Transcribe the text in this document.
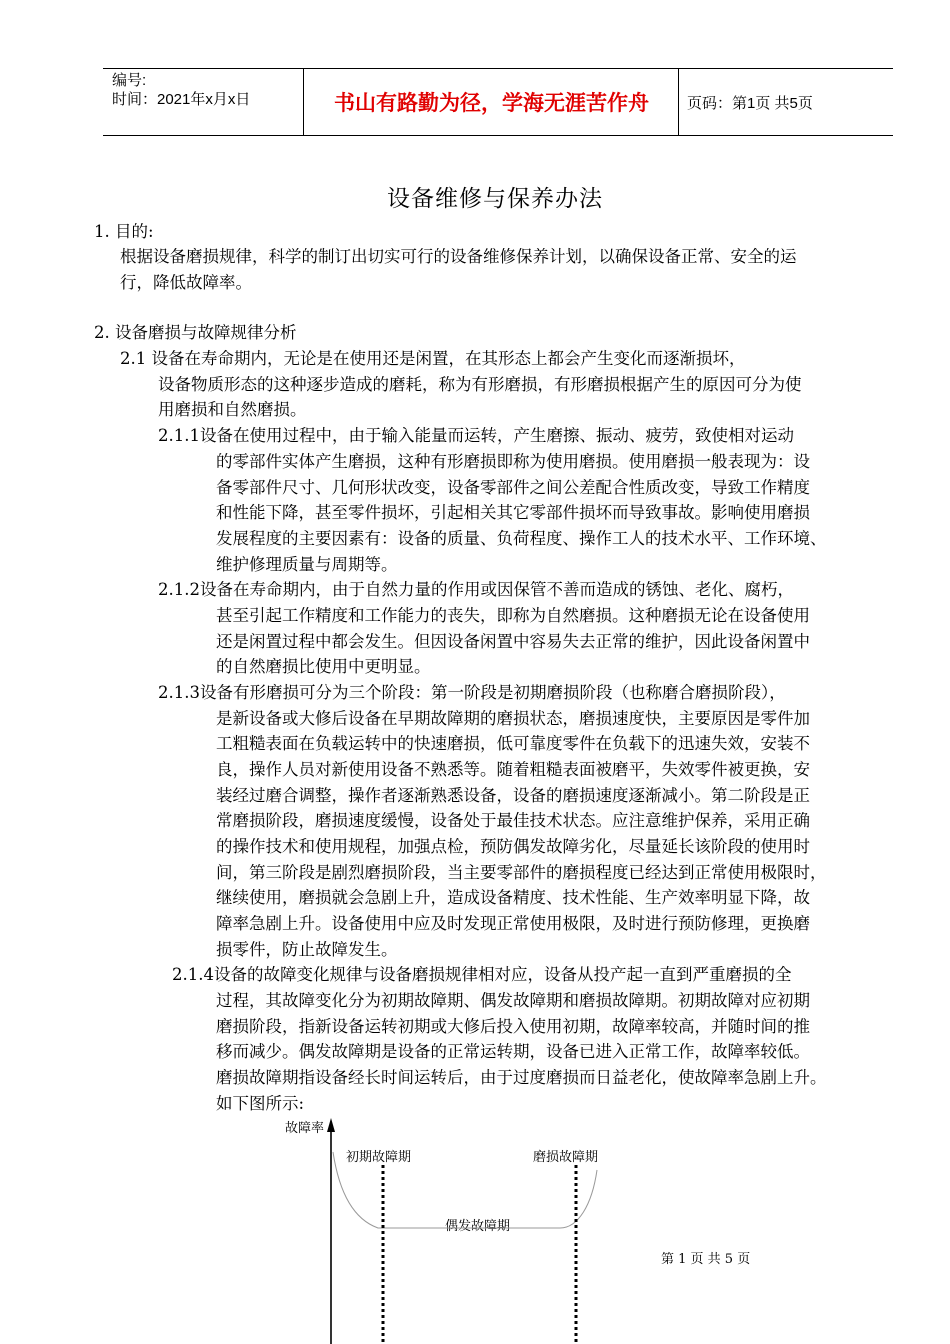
编号:
时间：2021年x月x日	书山有路勤为径，学海无涯苦作舟	页码：第1页 共5页
设备维修与保养办法
1. 目的:
根据设备磨损规律，科学的制订出切实可行的设备维修保养计划，以确保设备正常、安全的运
行，降低故障率。
2. 设备磨损与故障规律分析
2.1 设备在寿命期内，无论是在使用还是闲置，在其形态上都会产生变化而逐渐损坏，
设备物质形态的这种逐步造成的磨耗，称为有形磨损，有形磨损根据产生的原因可分为使
用磨损和自然磨损。
2.1.1设备在使用过程中，由于输入能量而运转，产生磨擦、振动、疲劳，致使相对运动
的零部件实体产生磨损，这种有形磨损即称为使用磨损。使用磨损一般表现为：设
备零部件尺寸、几何形状改变，设备零部件之间公差配合性质改变，导致工作精度
和性能下降，甚至零件损坏，引起相关其它零部件损坏而导致事故。影响使用磨损
发展程度的主要因素有：设备的质量、负荷程度、操作工人的技术水平、工作环境、
维护修理质量与周期等。
2.1.2设备在寿命期内，由于自然力量的作用或因保管不善而造成的锈蚀、老化、腐朽，
甚至引起工作精度和工作能力的丧失，即称为自然磨损。这种磨损无论在设备使用
还是闲置过程中都会发生。但因设备闲置中容易失去正常的维护，因此设备闲置中
的自然磨损比使用中更明显。
2.1.3设备有形磨损可分为三个阶段：第一阶段是初期磨损阶段（也称磨合磨损阶段），
是新设备或大修后设备在早期故障期的磨损状态，磨损速度快，主要原因是零件加
工粗糙表面在负载运转中的快速磨损，低可靠度零件在负载下的迅速失效，安装不
良，操作人员对新使用设备不熟悉等。随着粗糙表面被磨平，失效零件被更换，安
装经过磨合调整，操作者逐渐熟悉设备，设备的磨损速度逐渐减小。第二阶段是正
常磨损阶段，磨损速度缓慢，设备处于最佳技术状态。应注意维护保养，采用正确
的操作技术和使用规程，加强点检，预防偶发故障劣化，尽量延长该阶段的使用时
间，第三阶段是剧烈磨损阶段，当主要零部件的磨损程度已经达到正常使用极限时，
继续使用，磨损就会急剧上升，造成设备精度、技术性能、生产效率明显下降，故
障率急剧上升。设备使用中应及时发现正常使用极限，及时进行预防修理，更换磨
损零件，防止故障发生。
2.1.4设备的故障变化规律与设备磨损规律相对应，设备从投产起一直到严重磨损的全
过程，其故障变化分为初期故障期、偶发故障期和磨损故障期。初期故障对应初期
磨损阶段，指新设备运转初期或大修后投入使用初期，故障率较高，并随时间的推
移而减少。偶发故障期是设备的正常运转期，设备已进入正常工作，故障率较低。
磨损故障期指设备经长时间运转后，由于过度磨损而日益老化，使故障率急剧上升。
如下图所示:
故障率
初期故障期	磨损故障期
偶发故障期
第 1 页 共 5 页
